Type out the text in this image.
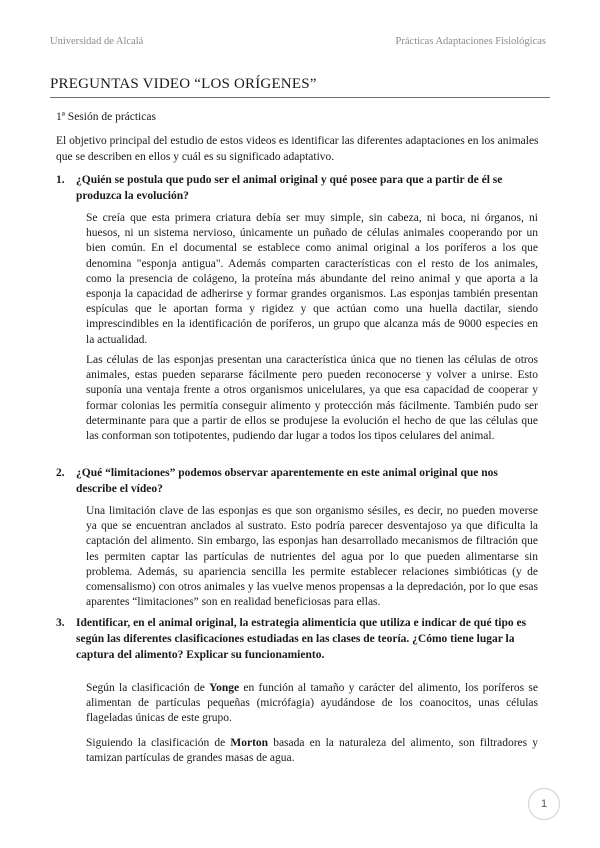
Universidad de Alcalá	Prácticas Adaptaciones Fisiológicas
PREGUNTAS VIDEO “LOS ORÍGENES”
1ª Sesión de prácticas
El objetivo principal del estudio de estos videos es identificar las diferentes adaptaciones en los animales que se describen en ellos y cuál es su significado adaptativo.
1. ¿Quién se postula que pudo ser el animal original y qué posee para que a partir de él se produzca la evolución?
Se creía que esta primera criatura debía ser muy simple, sin cabeza, ni boca, ni órganos, ni huesos, ni un sistema nervioso, únicamente un puñado de células animales cooperando por un bien común. En el documental se establece como animal original a los poríferos a los que denomina "esponja antigua". Además comparten características con el resto de los animales, como la presencia de colágeno, la proteína más abundante del reino animal y que aporta a la esponja la capacidad de adherirse y formar grandes organismos. Las esponjas también presentan espículas que le aportan forma y rigidez y que actúan como una huella dactilar, siendo imprescindibles en la identificación de poríferos, un grupo que alcanza más de 9000 especies en la actualidad.
Las células de las esponjas presentan una característica única que no tienen las células de otros animales, estas pueden separarse fácilmente pero pueden reconocerse y volver a unirse. Esto suponía una ventaja frente a otros organismos unicelulares, ya que esa capacidad de cooperar y formar colonias les permitía conseguir alimento y protección más fácilmente. También pudo ser determinante para que a partir de ellos se produjese la evolución el hecho de que las células que las conforman son totipotentes, pudiendo dar lugar a todos los tipos celulares del animal.
2. ¿Qué “limitaciones” podemos observar aparentemente en este animal original que nos describe el vídeo?
Una limitación clave de las esponjas es que son organismo sésiles, es decir, no pueden moverse ya que se encuentran anclados al sustrato. Esto podría parecer desventajoso ya que dificulta la captación del alimento. Sin embargo, las esponjas han desarrollado mecanismos de filtración que les permiten captar las partículas de nutrientes del agua por lo que pueden alimentarse sin problema. Además, su apariencia sencilla les permite establecer relaciones simbióticas (y de comensalismo) con otros animales y las vuelve menos propensas a la depredación, por lo que esas aparentes “limitaciones” son en realidad beneficiosas para ellas.
3. Identificar, en el animal original, la estrategia alimenticia que utiliza e indicar de qué tipo es según las diferentes clasificaciones estudiadas en las clases de teoría. ¿Cómo tiene lugar la captura del alimento? Explicar su funcionamiento.
Según la clasificación de Yonge en función al tamaño y carácter del alimento, los poríferos se alimentan de partículas pequeñas (micrófagia) ayudándose de los coanocitos, unas células flageladas únicas de este grupo.
Siguiendo la clasificación de Morton basada en la naturaleza del alimento, son filtradores y tamizan partículas de grandes masas de agua.
1
